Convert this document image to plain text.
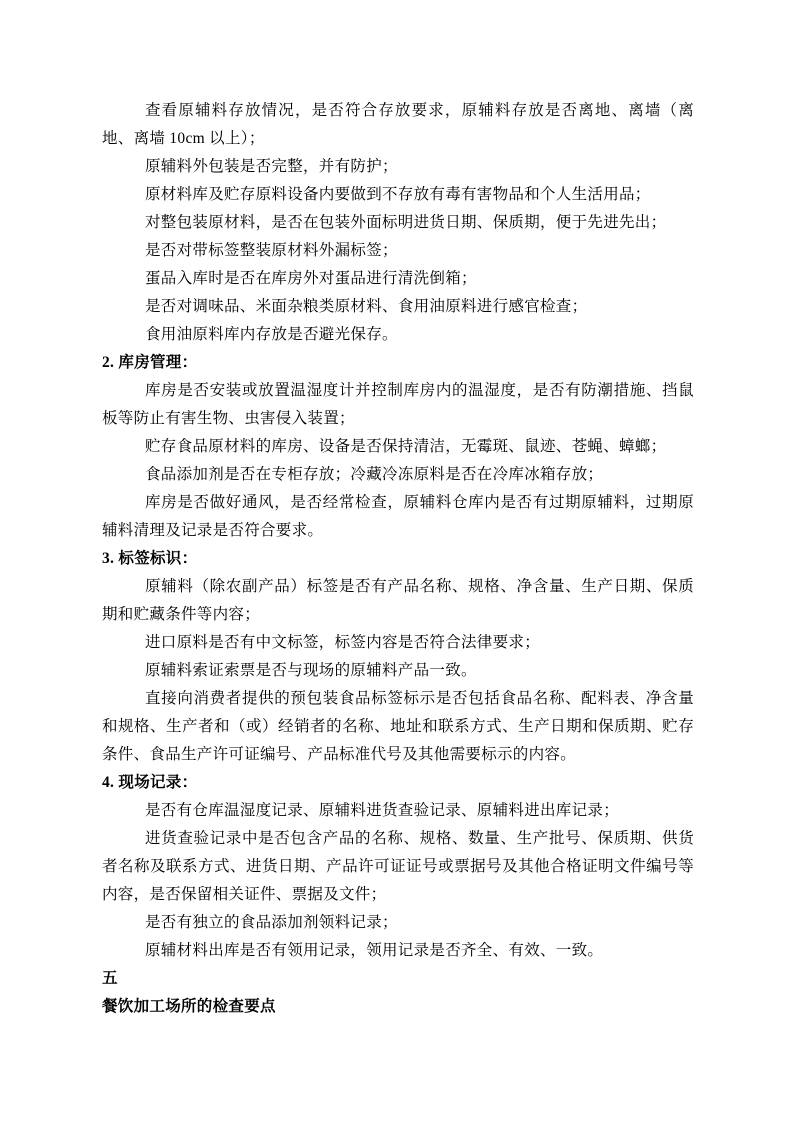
查看原辅料存放情况，是否符合存放要求，原辅料存放是否离地、离墙（离地、离墙 10cm 以上）；

原辅料外包装是否完整，并有防护；

原材料库及贮存原料设备内要做到不存放有毒有害物品和个人生活用品；

对整包装原材料，是否在包装外面标明进货日期、保质期，便于先进先出；

是否对带标签整装原材料外漏标签；

蛋品入库时是否在库房外对蛋品进行清洗倒箱；

是否对调味品、米面杂粮类原材料、食用油原料进行感官检查；

食用油原料库内存放是否避光保存。

2. 库房管理：

库房是否安装或放置温湿度计并控制库房内的温湿度，是否有防潮措施、挡鼠板等防止有害生物、虫害侵入装置；

贮存食品原材料的库房、设备是否保持清洁，无霉斑、鼠迹、苍蝇、蟑螂；

食品添加剂是否在专柜存放；冷藏冷冻原料是否在冷库冰箱存放；

库房是否做好通风，是否经常检查，原辅料仓库内是否有过期原辅料，过期原辅料清理及记录是否符合要求。

3. 标签标识：

原辅料（除农副产品）标签是否有产品名称、规格、净含量、生产日期、保质期和贮藏条件等内容；

进口原料是否有中文标签，标签内容是否符合法律要求；

原辅料索证索票是否与现场的原辅料产品一致。

直接向消费者提供的预包装食品标签标示是否包括食品名称、配料表、净含量和规格、生产者和（或）经销者的名称、地址和联系方式、生产日期和保质期、贮存条件、食品生产许可证编号、产品标准代号及其他需要标示的内容。

4. 现场记录：

是否有仓库温湿度记录、原辅料进货查验记录、原辅料进出库记录；

进货查验记录中是否包含产品的名称、规格、数量、生产批号、保质期、供货者名称及联系方式、进货日期、产品许可证证号或票据号及其他合格证明文件编号等内容，是否保留相关证件、票据及文件；

是否有独立的食品添加剂领料记录；

原辅材料出库是否有领用记录，领用记录是否齐全、有效、一致。

五

餐饮加工场所的检查要点
